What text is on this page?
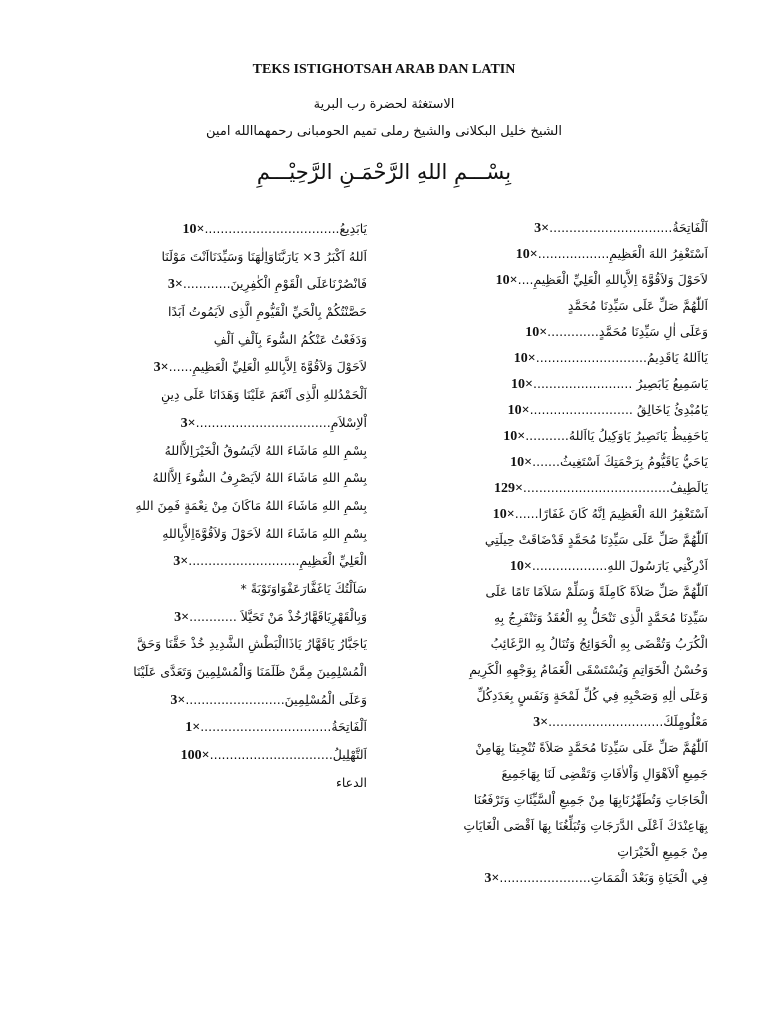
TEKS ISTIGHOTSAH ARAB DAN LATIN
الاستغثة لحضرة رب البرية
الشيخ خليل البكلانى والشيخ رملى تميم الحومبانى رحمهماالله امين
بِسْـــمِ اللهِ الرَّحْمَـنِ الرَّحِيْـــمِ
اَلْفَاتِحَةُ...............................3×
اَسْتَغْفِرُ اللهَ الْعَظِيمِ..................10×
لاَحَوْلَ وَلاَقُوَّةَ اِلاَّبِاللهِ الْعَلِيِّ الْعَظِيمِ....10×
اَللّٰهُمَّ صَلِّ عَلَى سَيِّدِنَا مُحَمَّدٍ
وَعَلَى اٰلِ سَيِّدِنَا مُحَمَّدٍ.............10×
يَااَللهُ يَاقَدِيمُ............................10×
يَاسَمِيعُ يَابَصِيرُ .........................10×
يَامُبْدِئُ يَاخَالِقُ ..........................10×
يَاحَفِيظُ يَانَصِيرُ يَاوَكِيلُ يَااَللهُ...........10×
يَاحَيُّ يَاقَيُّومُ بِرَحْمَتِكَ اَسْتَغِيثُ.......10×
يَالَطِيفُ.....................................129×
اَسْتَغْفِرُ اللهَ الْعَظِيمَ اِنَّهُ كَانَ غَفَارًا......10×
اَللّٰهُمَّ صَلِّ عَلَى سَيِّدِنَا مُحَمَّدٍ قَدْضَاقَتْ حِيلَتِي
اَدْرِكْنِي يَارَسُولَ اللهِ...................10×
اَللّٰهُمَّ صَلِّ صَلاَةً كَامِلَةً وَسَلِّمْ سَلاَمًا تَامًا عَلَى
سَيِّدِنَا مُحَمَّدٍ الَّذِى تَنْحَلُّ بِهِ الْعُقَدُ وَتَنْفَرِجُ بِهِ
الْكُرَبُ وَتُقْضَى بِهِ الْحَوَائِجُ وَتُنَالُ بِهِ الرَّغَائِبُ
وَحُسْنُ الْخَوَاتِمِ وَيُسْتَسْقَى الْغَمَامُ بِوَجْهِهِ الْكَرِيمِ
وَعَلَى اٰلِهِ وَصَحْبِهِ فِي كُلِّ لَمْحَةٍ وَنَفَسٍ بِعَدَدِكُلِّ
مَعْلُومٍلَكَ.............................3×
اَللّٰهُمَّ صَلِّ عَلَى سَيِّدِنَا مُحَمَّدٍ صَلاَةً تُنْجِينَا بِهَامِنْ
جَمِيعِ اْلاَهْوَالِ وَاْلاٰفَاتِ وَتَقْضِى لَنَا بِهَاجَمِيعَ
الْحَاجَاتِ وَتُطَهِّرُنَابِهَا مِنْ جَمِيعِ اْلسَّيِّئَاتِ وَتَرْفَعُنَا
بِهَاعِنْدَكَ اَعْلَى الدَّرَجَاتِ وَتُبَلِّغُنَا بِهَا اَقْصَى الْغَايَاتِ
مِنْ جَمِيعِ الْخَيْرَاتِ
فِي الْحَيَاةِ وَبَعْدَ الْمَمَاتِ.......................3×
يَابَدِيعُ..................................10×
اَللهُ اَكْبَرُ 3× يَارَبَّنَاوَاِلٰهَنَا وَسَيِّدَنَااَنْتَ مَوْلَنَا
فَانْصُرْنَاعَلَى الْقَوْمِ الْكٰفِرِينَ............3×
حَصَّنْتُكُمْ بِالْحَيِّ الْقَيُّومِ الَّذِى لاَيَمُوتُ اَبَدًا
وَدَفَعْتُ عَنْكُمُ السُّوءَ بِاَلْفِ اَلْفِ
لاَحَوْلَ وَلاَقُوَّةَ اِلاَّبِاللهِ الْعَلِيِّ الْعَظِيمِ......3×
اَلْحَمْدُللهِ الَّذِى اَنْعَمَ عَلَيْنَا وَهَدَانَا عَلَى دِينِ
اْلاِسْلاَمِ..................................3×
بِسْمِ اللهِ مَاشَاءَ اللهُ لاَيَسُوقُ الْخَيْرَاِلاَّاللهُ
بِسْمِ اللهِ مَاشَاءَ اللهُ لاَيَصْرِفُ السُّوءَ اِلاَّاللهُ
بِسْمِ اللهِ مَاشَاءَ اللهُ مَاكَانَ مِنْ نِعْمَةٍ فَمِنَ اللهِ
بِسْمِ اللهِ مَاشَاءَ اللهُ لاَحَوْلَ وَلاَقُوَّةَاِلاَّبِاللهِ
الْعَلِيِّ الْعَظِيمِ............................3×
سَاَلْتُكَ يَاغَفَّارَعَفْوَاوَتَوْبَةً *
وَبِالْقَهْرِيَاقَهَّارُخُذْ مَنْ تَحَيَّلاَ ............3×
يَاجَبَّارُ يَاقَهَّارُ يَاذَاالْبَطْشِ الشَّدِيدِ خُذْ حَقَّنَا وَحَقَّ
الْمُسْلِمِينَ مِمَّنْ ظَلَمَنَا وَالْمُسْلِمِينَ وَتَعَدَّى عَلَيْنَا
وَعَلَى الْمُسْلِمِينَ.........................3×
اَلْفَاتِحَةُ.................................1×
اَلتَّهْلِيلُ...............................100×
الدعاء
